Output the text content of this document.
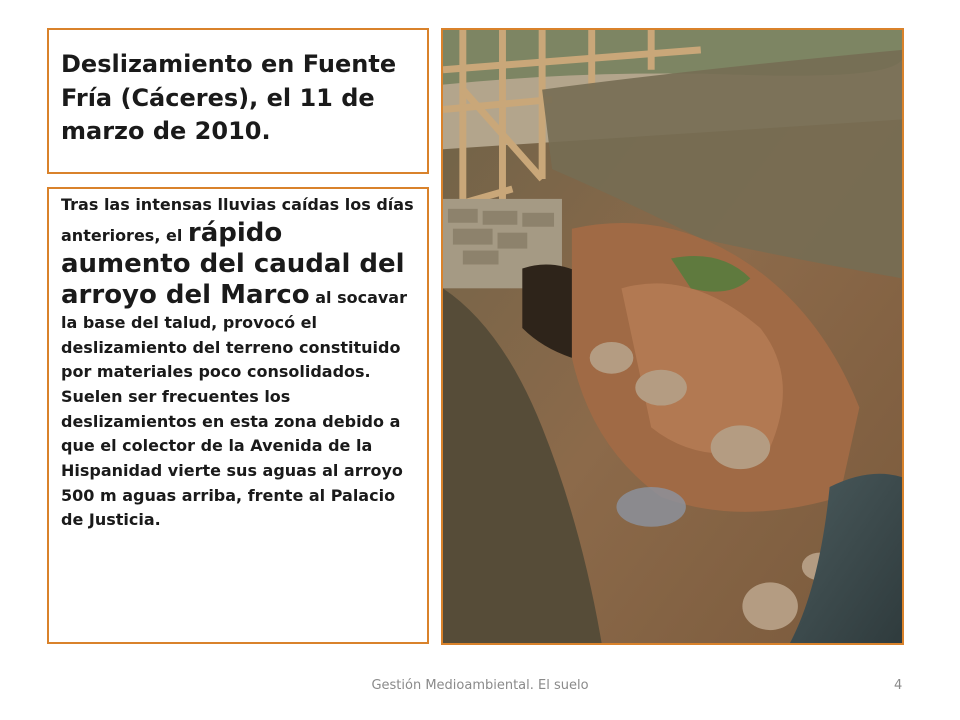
Deslizamiento en Fuente Fría (Cáceres), el 11 de marzo de 2010.

Tras las intensas lluvias caídas los días anteriores, el rápido aumento del caudal del arroyo del Marco al socavar la base del talud, provocó el deslizamiento del terreno constituido por materiales poco consolidados. Suelen ser frecuentes los deslizamientos en esta zona debido a que el colector de la Avenida de la Hispanidad vierte sus aguas al arroyo 500 m aguas arriba, frente al Palacio de Justicia.

Gestión Medioambiental. El suelo	4
